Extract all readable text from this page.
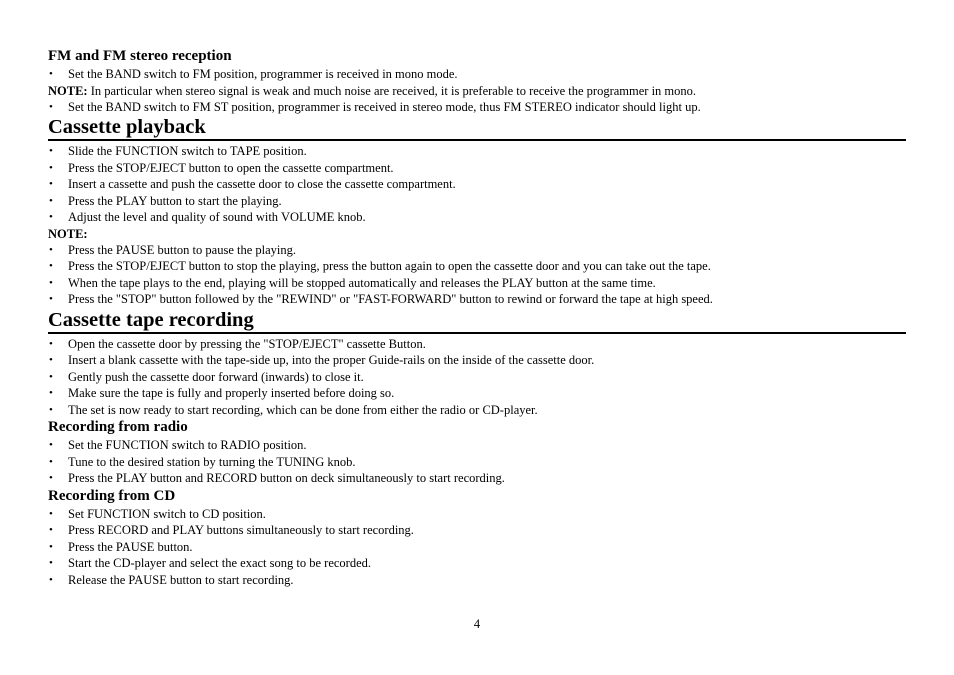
FM and FM stereo reception
• Set the BAND switch to FM position, programmer is received in mono mode.
NOTE: In particular when stereo signal is weak and much noise are received, it is preferable to receive the programmer in mono.
• Set the BAND switch to FM ST position, programmer is received in stereo mode, thus FM STEREO indicator should light up.
Cassette playback
• Slide the FUNCTION switch to TAPE position.
• Press the STOP/EJECT button to open the cassette compartment.
• Insert a cassette and push the cassette door to close the cassette compartment.
• Press the PLAY button to start the playing.
• Adjust the level and quality of sound with VOLUME knob.
NOTE:
• Press the PAUSE button to pause the playing.
• Press the STOP/EJECT button to stop the playing, press the button again to open the cassette door and you can take out the tape.
• When the tape plays to the end, playing will be stopped automatically and releases the PLAY button at the same time.
• Press the "STOP" button followed by the "REWIND" or "FAST-FORWARD" button to rewind or forward the tape at high speed.
Cassette tape recording
• Open the cassette door by pressing the "STOP/EJECT" cassette Button.
• Insert a blank cassette with the tape-side up, into the proper Guide-rails on the inside of the cassette door.
• Gently push the cassette door forward (inwards) to close it.
• Make sure the tape is fully and properly inserted before doing so.
• The set is now ready to start recording, which can be done from either the radio or CD-player.
Recording from radio
• Set the FUNCTION switch to RADIO position.
• Tune to the desired station by turning the TUNING knob.
• Press the PLAY button and RECORD button on deck simultaneously to start recording.
Recording from CD
• Set FUNCTION switch to CD position.
• Press RECORD and PLAY buttons simultaneously to start recording.
• Press the PAUSE button.
• Start the CD-player and select the exact song to be recorded.
• Release the PAUSE button to start recording.
4
